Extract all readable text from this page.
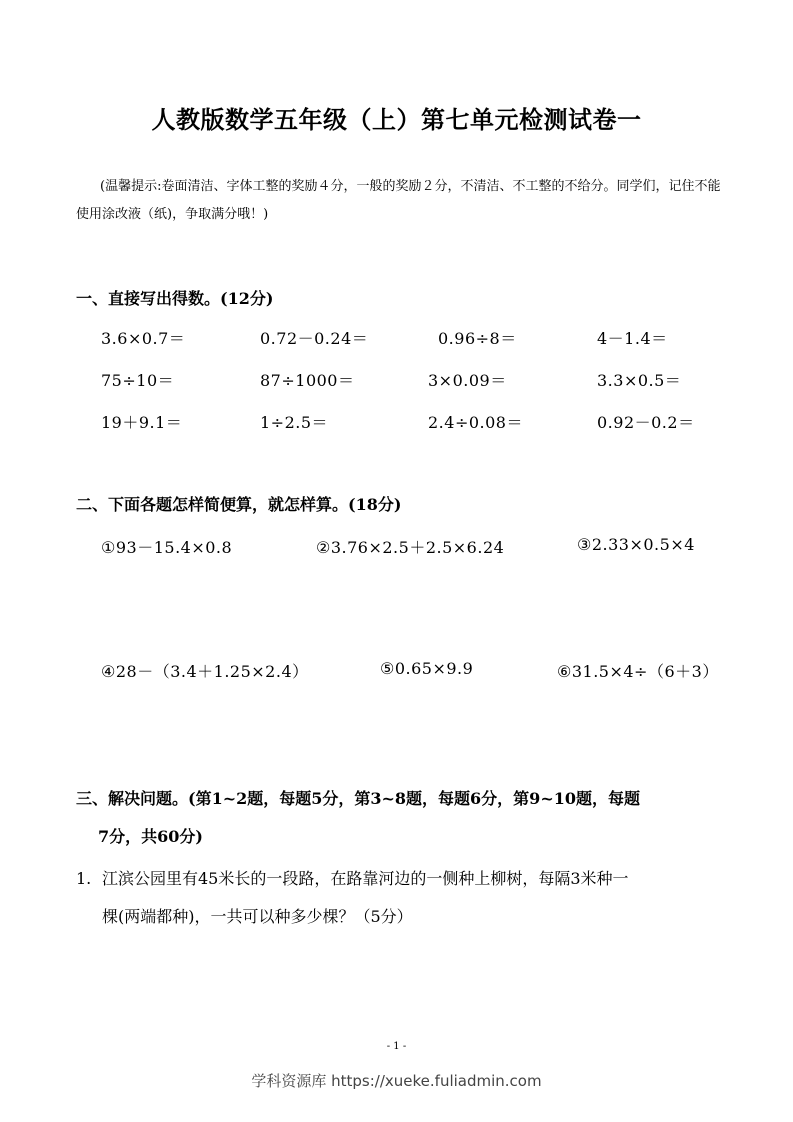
人教版数学五年级（上）第七单元检测试卷一
(温馨提示:卷面清洁、字体工整的奖励４分，一般的奖励２分，不清洁、不工整的不给分。同学们，记住不能使用涂改液（纸)，争取满分哦！)
一、直接写出得数。(12分)
3.6×0.7＝	0.72－0.24＝	0.96÷8＝	4－1.4＝
75÷10＝	87÷1000＝	3×0.09＝	3.3×0.5＝
19＋9.1＝	1÷2.5＝	2.4÷0.08＝	0.92－0.2＝
二、下面各题怎样简便算，就怎样算。(18分)
①93－15.4×0.8	②3.76×2.5＋2.5×6.24	③2.33×0.5×4
④28－（3.4＋1.25×2.4）	⑤0.65×9.9	⑥31.5×4÷（6＋3）
三、解决问题。(第1~2题，每题5分，第3~8题，每题6分，第9~10题，每题
7分，共60分)
1. 江滨公园里有45米长的一段路，在路靠河边的一侧种上柳树，每隔3米种一
棵(两端都种)，一共可以种多少棵？（5分）
- 1 -
学科资源库 https://xueke.fuliadmin.com
